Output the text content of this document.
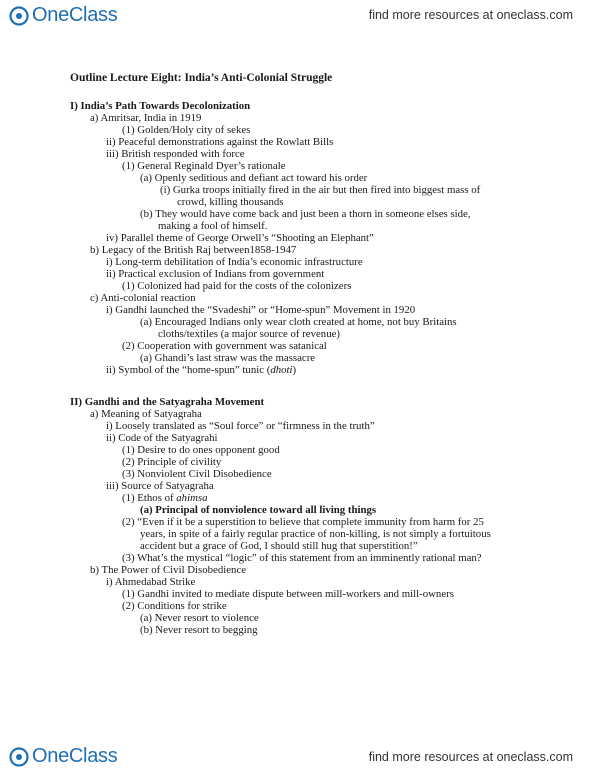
OneClass	find more resources at oneclass.com
Outline Lecture Eight: India’s Anti-Colonial Struggle
I) India’s Path Towards Decolonization
a) Amritsar, India in 1919
(1) Golden/Holy city of sekes
ii) Peaceful demonstrations against the Rowlatt Bills
iii) British responded with force
(1) General Reginald Dyer’s rationale
(a) Openly seditious and defiant act toward his order
(i) Gurka troops initially fired in the air but then fired into biggest mass of
crowd, killing thousands
(b) They would have come back and just been a thorn in someone elses side,
making a fool of himself.
iv) Parallel theme of George Orwell’s “Shooting an Elephant”
b) Legacy of the British Raj between1858-1947
i) Long-term debilitation of India’s economic infrastructure
ii) Practical exclusion of Indians from government
(1) Colonized had paid for the costs of the colonizers
c) Anti-colonial reaction
i) Gandhi launched the “Svadeshi” or “Home-spun” Movement in 1920
(a) Encouraged Indians only wear cloth created at home, not buy Britains
cloths/textiles (a major source of revenue)
(2) Cooperation with government was satanical
(a) Ghandi’s last straw was the massacre
ii) Symbol of the “home-spun” tunic (dhoti)
II) Gandhi and the Satyagraha Movement
a) Meaning of Satyagraha
i) Loosely translated as “Soul force” or “firmness in the truth”
ii) Code of the Satyagrahi
(1) Desire to do ones opponent good
(2) Principle of civility
(3) Nonviolent Civil Disobedience
iii) Source of Satyagraha
(1) Ethos of ahimsa
(a) Principal of nonviolence toward all living things
(2) “Even if it be a superstition to believe that complete immunity from harm for 25
years, in spite of a fairly regular practice of non-killing, is not simply a fortuitous
accident but a grace of God, I should still hug that superstition!”
(3) What’s the mystical “logic” of this statement from an imminently rational man?
b) The Power of Civil Disobedience
i) Ahmedabad Strike
(1) Gandhi invited to mediate dispute between mill-workers and mill-owners
(2) Conditions for strike
(a) Never resort to violence
(b) Never resort to begging
OneClass	find more resources at oneclass.com
